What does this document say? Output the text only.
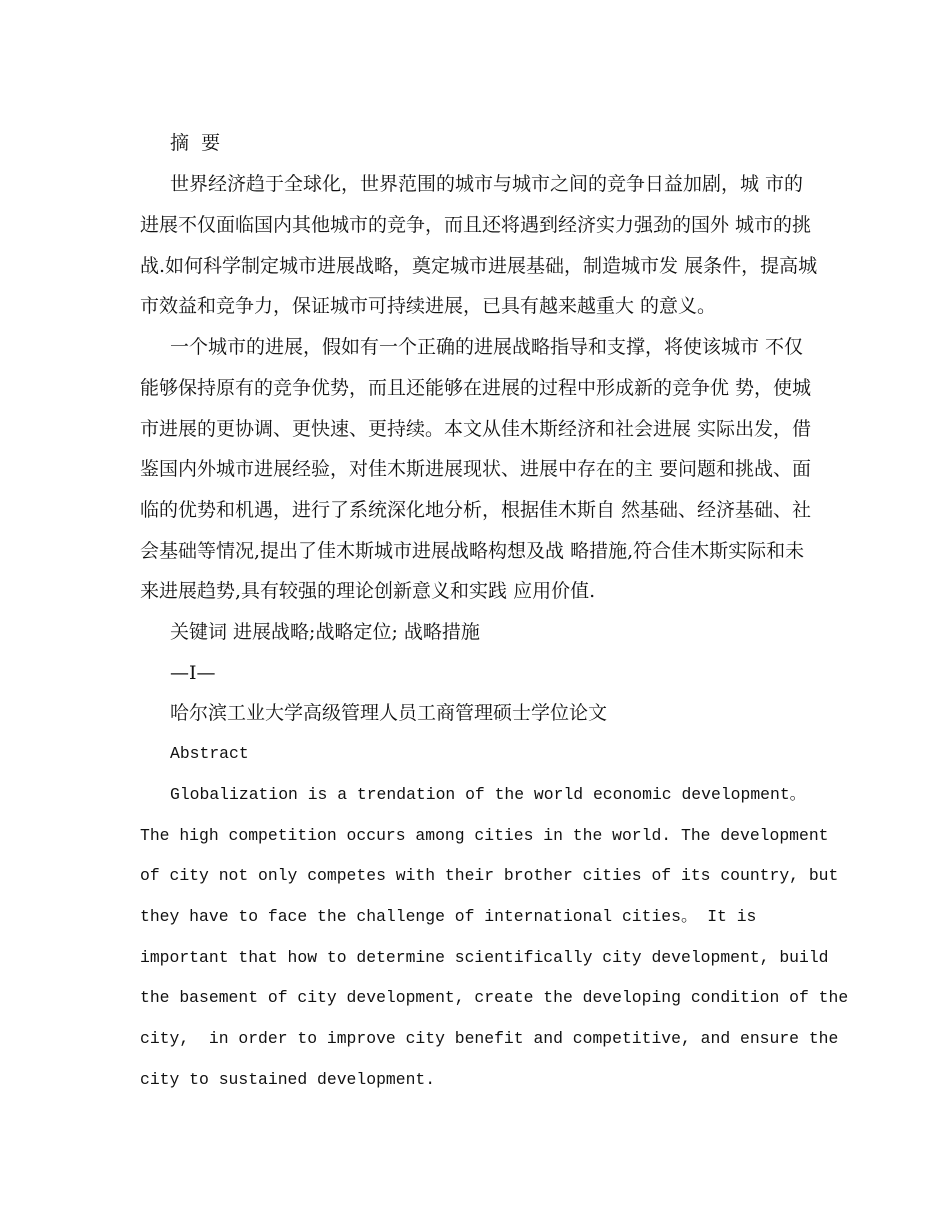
摘  要
世界经济趋于全球化，世界范围的城市与城市之间的竞争日益加剧，城 市的
进展不仅面临国内其他城市的竞争，而且还将遇到经济实力强劲的国外 城市的挑
战.如何科学制定城市进展战略，奠定城市进展基础，制造城市发 展条件，提高城
市效益和竞争力，保证城市可持续进展，已具有越来越重大 的意义。
一个城市的进展，假如有一个正确的进展战略指导和支撑，将使该城市 不仅
能够保持原有的竞争优势，而且还能够在进展的过程中形成新的竞争优 势，使城
市进展的更协调、更快速、更持续。本文从佳木斯经济和社会进展 实际出发，借
鉴国内外城市进展经验，对佳木斯进展现状、进展中存在的主 要问题和挑战、面
临的优势和机遇，进行了系统深化地分析，根据佳木斯自 然基础、经济基础、社
会基础等情况,提出了佳木斯城市进展战略构想及战 略措施,符合佳木斯实际和未
来进展趋势,具有较强的理论创新意义和实践 应用价值.
关键词 进展战略;战略定位; 战略措施
—I—
哈尔滨工业大学高级管理人员工商管理硕士学位论文
Abstract
Globalization is a trendation of the world economic development。
The high competition occurs among cities in the world. The development
of city not only competes with their brother cities of its country, but
they have to face the challenge of international cities。 It is
important that how to determine scientifically city development, build
the basement of city development, create the developing condition of the
city,  in order to improve city benefit and competitive, and ensure the
city to sustained development.
